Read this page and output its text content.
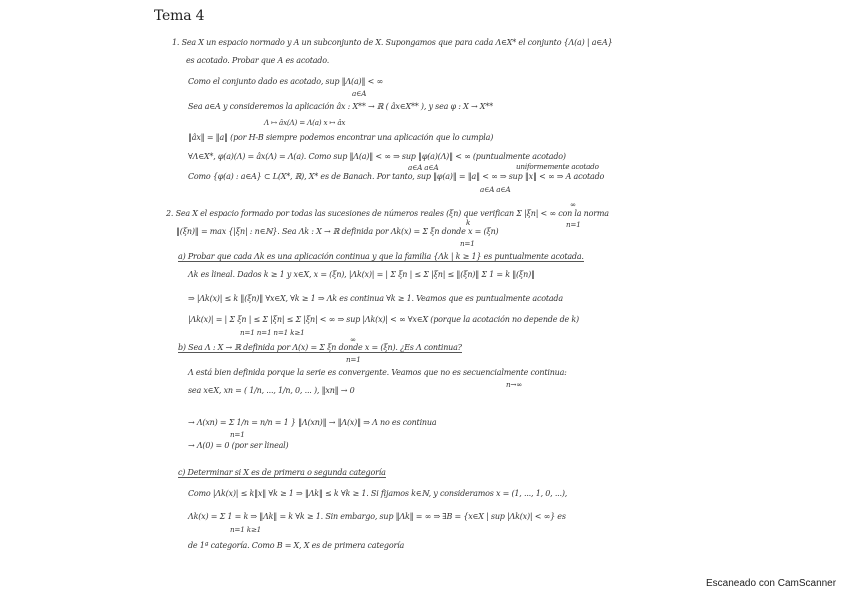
Tema 4
1. Sea X un espacio normado y A un subconjunto de X. Supongamos que para cada Λ∈X* el conjunto {Λ(a) | a∈A}
es acotado. Probar que A es acotado.
Como el conjunto dado es acotado, sup ‖Λ(a)‖ < ∞
a∈A
Sea a∈A y consideremos la aplicación âx : X** → ℝ ( âx∈X** ), y sea φ : X → X**
Λ ↦ âx(Λ) = Λ(a) x ↦ âx
‖âx‖ = ‖a‖ (por H-B siempre podemos encontrar una aplicación que lo cumpla)
∀Λ∈X*, φ(a)(Λ) = âx(Λ) = Λ(a). Como sup ‖Λ(a)‖ < ∞ ⇒ sup ‖φ(a)(Λ)‖ < ∞ (puntualmente acotado)
a∈A a∈A	uniformemente acotado
Como {φ(a) : a∈A} ⊂ L(X*, ℝ), X* es de Banach. Por tanto, sup ‖φ(a)‖ = ‖a‖ < ∞ ⇒ sup ‖x‖ < ∞ ⇒ A acotado
a∈A a∈A
∞
2. Sea X el espacio formado por todas las sucesiones de números reales (ξn) que verifican Σ |ξn| < ∞ con la norma
n=1
k
‖(ξn)‖ = max {|ξn| : n∈ℕ}. Sea Λk : X → ℝ definida por Λk(x) = Σ ξn donde x = (ξn)
n=1
a) Probar que cada Λk es una aplicación continua y que la familia {Λk | k ≥ 1} es puntualmente acotada.
Λk es lineal. Dados k ≥ 1 y x∈X, x = (ξn), |Λk(x)| = | Σ ξn | ≤ Σ |ξn| ≤ ‖(ξn)‖ Σ 1 = k ‖(ξn)‖
⇒ |Λk(x)| ≤ k ‖(ξn)‖ ∀x∈X, ∀k ≥ 1 ⇒ Λk es continua ∀k ≥ 1. Veamos que es puntualmente acotada
|Λk(x)| = | Σ ξn | ≤ Σ |ξn| ≤ Σ |ξn| < ∞ ⇒ sup |Λk(x)| < ∞ ∀x∈X (porque la acotación no depende de k)
n=1 n=1 n=1 k≥1
∞
b) Sea Λ : X → ℝ definida por Λ(x) = Σ ξn donde x = (ξn). ¿Es Λ continua?
n=1
Λ está bien definida porque la serie es convergente. Veamos que no es secuencialmente continua:
sea x∈X, xn = ( 1/n, ..., 1/n, 0, ... ), ‖xn‖ → 0
n→∞
→ Λ(xn) = Σ 1/n = n/n = 1 } ‖Λ(xn)‖ → ‖Λ(x)‖ ⇒ Λ no es continua
n=1
→ Λ(0) = 0 (por ser lineal)
c) Determinar si X es de primera o segunda categoría
Como |Λk(x)| ≤ k‖x‖ ∀k ≥ 1 ⇒ ‖Λk‖ ≤ k ∀k ≥ 1. Si fijamos k∈ℕ, y consideramos x = (1, ..., 1, 0, ...),
Λk(x) = Σ 1 = k ⇒ ‖Λk‖ = k ∀k ≥ 1. Sin embargo, sup ‖Λk‖ = ∞ ⇒ ∃B = {x∈X | sup |Λk(x)| < ∞} es
n=1 k≥1
de 1ª categoría. Como B = X, X es de primera categoría
Escaneado con CamScanner
